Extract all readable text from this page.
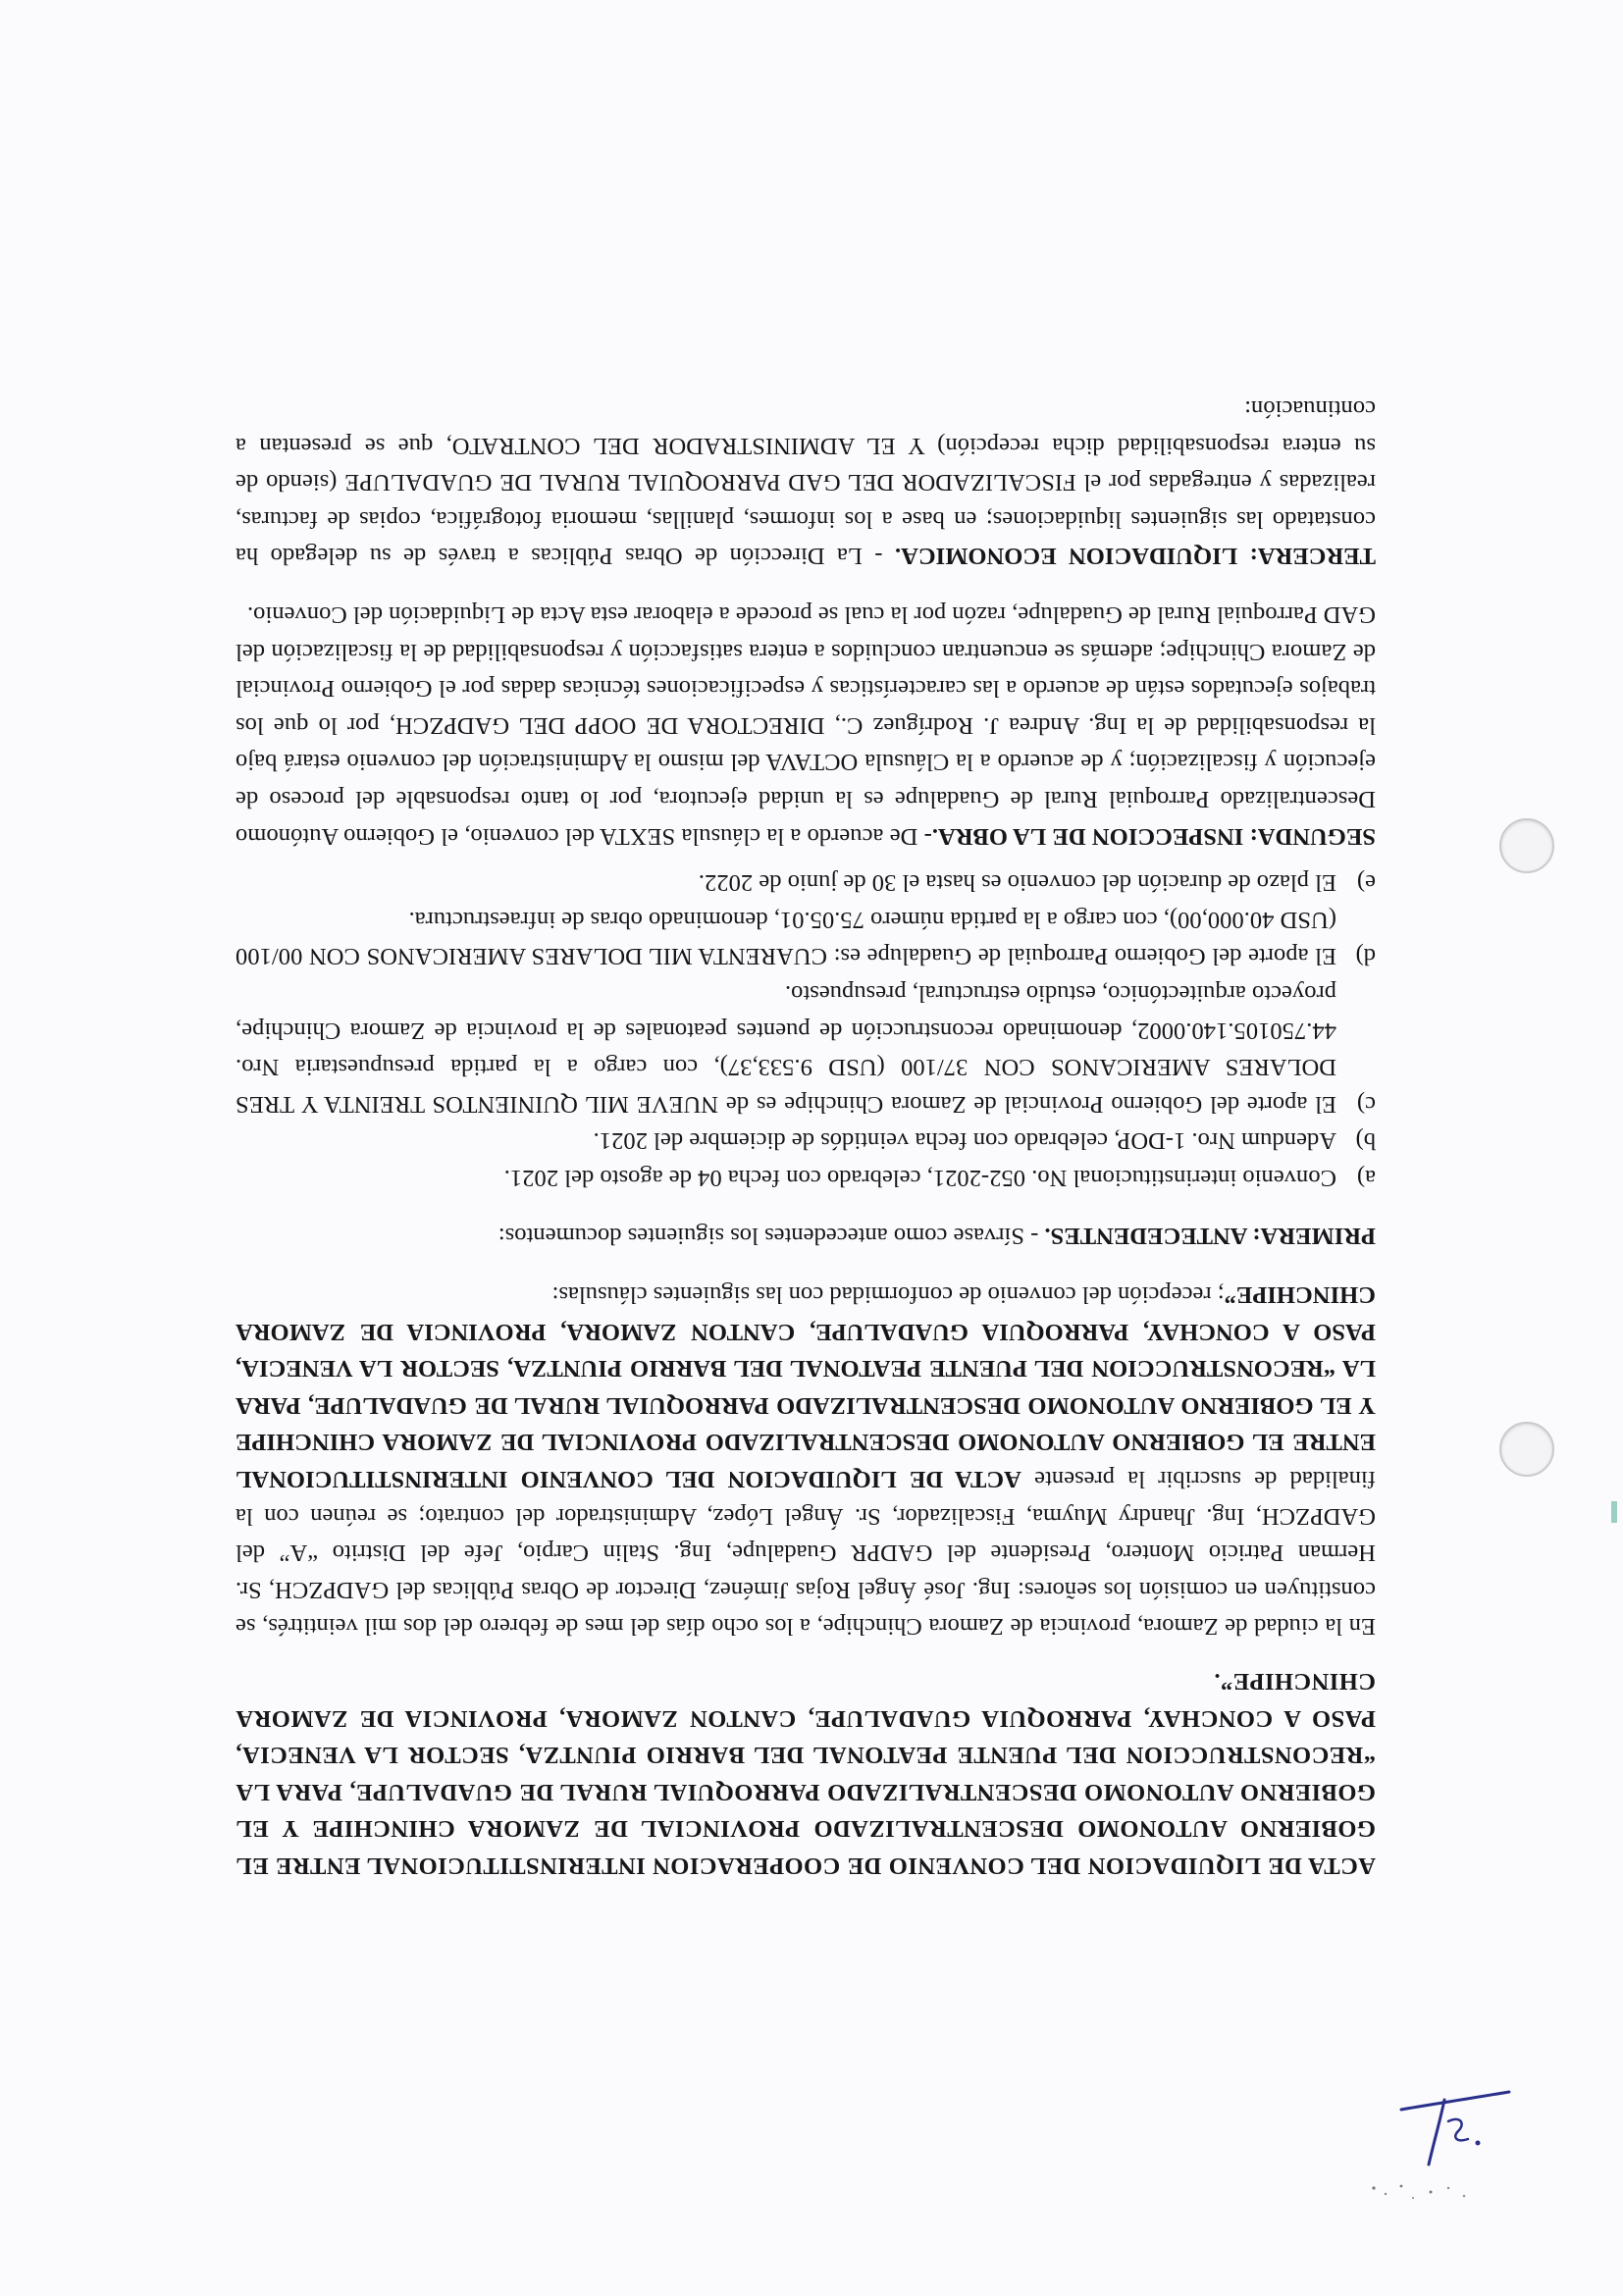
ACTA DE LIQUIDACION DEL CONVENIO DE COOPERACION INTERINSTITUCIONAL ENTRE EL GOBIERNO AUTONOMO DESCENTRALIZADO PROVINCIAL DE ZAMORA CHINCHIPE Y EL GOBIERNO AUTONOMO DESCENTRALIZADO PARROQUIAL RURAL DE GUADALUPE, PARA LA “RECONSTRUCCION DEL PUENTE PEATONAL DEL BARRIO PIUNTZA, SECTOR LA VENECIA, PASO A CONCHAY, PARROQUIA GUADALUPE, CANTON ZAMORA, PROVINCIA DE ZAMORA CHINCHIPE”.

En la ciudad de Zamora, provincia de Zamora Chinchipe, a los ocho días del mes de febrero del dos mil veintitrés, se constituyen en comisión los señores: Ing. José Ángel Rojas Jiménez, Director de Obras Públicas del GADPZCH, Sr. Herman Patricio Montero, Presidente del GADPR Guadalupe, Ing. Stalin Carpio, Jefe del Distrito “A” del GADPZCH, Ing. Jhandry Muyma, Fiscalizador, Sr. Ángel López, Administrador del contrato; se reúnen con la finalidad de suscribir la presente ACTA DE LIQUIDACION DEL CONVENIO INTERINSTITUCIONAL ENTRE EL GOBIERNO AUTONOMO DESCENTRALIZADO PROVINCIAL DE ZAMORA CHINCHIPE Y EL GOBIERNO AUTONOMO DESCENTRALIZADO PARROQUIAL RURAL DE GUADALUPE, PARA LA “RECONSTRUCCION DEL PUENTE PEATONAL DEL BARRIO PIUNTZA, SECTOR LA VENECIA, PASO A CONCHAY, PARROQUIA GUADALUPE, CANTON ZAMORA, PROVINCIA DE ZAMORA CHINCHIPE”; recepción del convenio de conformidad con las siguientes cláusulas:

PRIMERA: ANTECEDENTES. - Sírvase como antecedentes los siguientes documentos:

a)
Convenio interinstitucional No. 052-2021, celebrado con fecha 04 de agosto del 2021.
b)
Adendum Nro. 1-DOP, celebrado con fecha veintidós de diciembre del 2021.
c)
El aporte del Gobierno Provincial de Zamora Chinchipe es de NUEVE MIL QUINIENTOS TREINTA Y TRES DOLARES AMERICANOS CON 37/100 (USD 9.533,37), con cargo a la partida presupuestaria Nro. 44.750105.140.0002, denominado reconstrucción de puentes peatonales de la provincia de Zamora Chinchipe, proyecto arquitectónico, estudio estructural, presupuesto.
d)
El aporte del Gobierno Parroquial de Guadalupe es: CUARENTA MIL DOLARES AMERICANOS CON 00/100 (USD 40.000,00), con cargo a la partida número 75.05.01, denominado obras de infraestructura.
e)
El plazo de duración del convenio es hasta el 30 de junio de 2022.

SEGUNDA: INSPECCION DE LA OBRA.- De acuerdo a la cláusula SEXTA del convenio, el Gobierno Autónomo Descentralizado Parroquial Rural de Guadalupe es la unidad ejecutora, por lo tanto responsable del proceso de ejecución y fiscalización; y de acuerdo a la Cláusula OCTAVA del mismo la Administración del convenio estará bajo la responsabilidad de la Ing. Andrea J. Rodríguez C., DIRECTORA DE OOPP DEL GADPZCH, por lo que los trabajos ejecutados están de acuerdo a las características y especificaciones técnicas dadas por el Gobierno Provincial de Zamora Chinchipe; además se encuentran concluidos a entera satisfacción y responsabilidad de la fiscalización del GAD Parroquial Rural de Guadalupe, razón por la cual se procede a elaborar esta Acta de Liquidación del Convenio.

TERCERA: LIQUIDACION ECONOMICA. - La Dirección de Obras Públicas a través de su delegado ha constatado las siguientes liquidaciones; en base a los informes, planillas, memoria fotográfica, copias de facturas, realizadas y entregadas por el FISCALIZADOR DEL GAD PARROQUIAL RURAL DE GUADALUPE (siendo de su entera responsabilidad dicha recepción) Y EL ADMINISTRADOR DEL CONTRATO, que se presentan a continuación:
